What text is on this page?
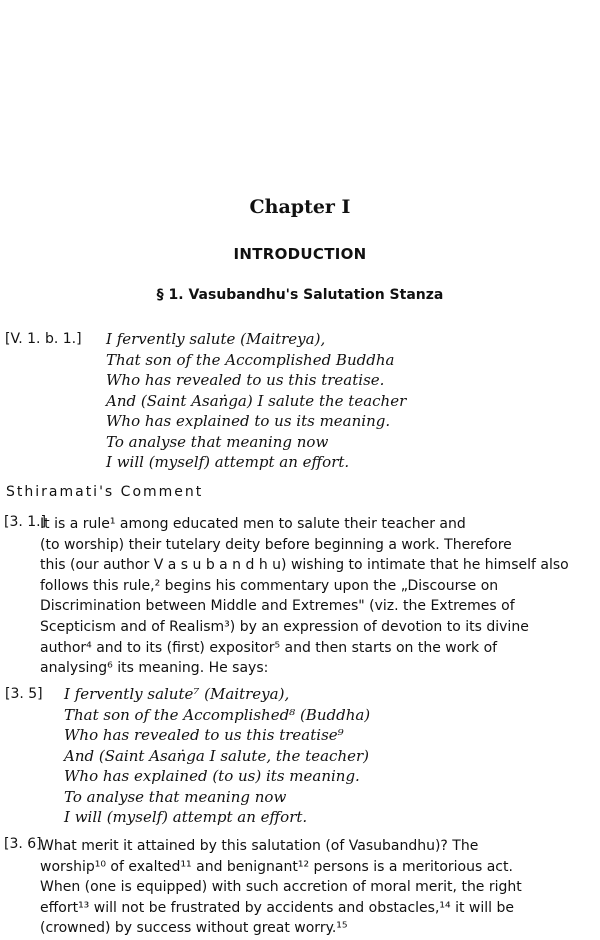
Chapter I
INTRODUCTION
§ 1. Vasubandhu's Salutation Stanza
[V. 1. b. 1.] I fervently salute (Maitreya),
That son of the Accomplished Buddha
Who has revealed to us this treatise.
And (Saint Asaṅga) I salute the teacher
Who has explained to us its meaning.
To analyse that meaning now
I will (myself) attempt an effort.
Sthiramati's Comment
[3. 1.]
It is a rule¹ among educated men to salute their teacher and
(to worship) their tutelary deity before beginning a work. Therefore
this (our author V a s u b a n d h u) wishing to intimate that he himself also
follows this rule,² begins his commentary upon the „Discourse on
Discrimination between Middle and Extremes" (viz. the Extremes of
Scepticism and of Realism³) by an expression of devotion to its divine
author⁴ and to its (first) expositor⁵ and then starts on the work of
analysing⁶ its meaning. He says:
[3. 5] I fervently salute⁷ (Maitreya),
That son of the Accomplished⁸ (Buddha)
Who has revealed to us this treatise⁹
And (Saint Asaṅga I salute, the teacher)
Who has explained (to us) its meaning.
To analyse that meaning now
I will (myself) attempt an effort.
[3. 6]
What merit it attained by this salutation (of Vasubandhu)? The
worship¹⁰ of exalted¹¹ and benignant¹² persons is a meritorious act.
When (one is equipped) with such accretion of moral merit, the right
effort¹³ will not be frustrated by accidents and obstacles,¹⁴ it will be
(crowned) by success without great worry.¹⁵
